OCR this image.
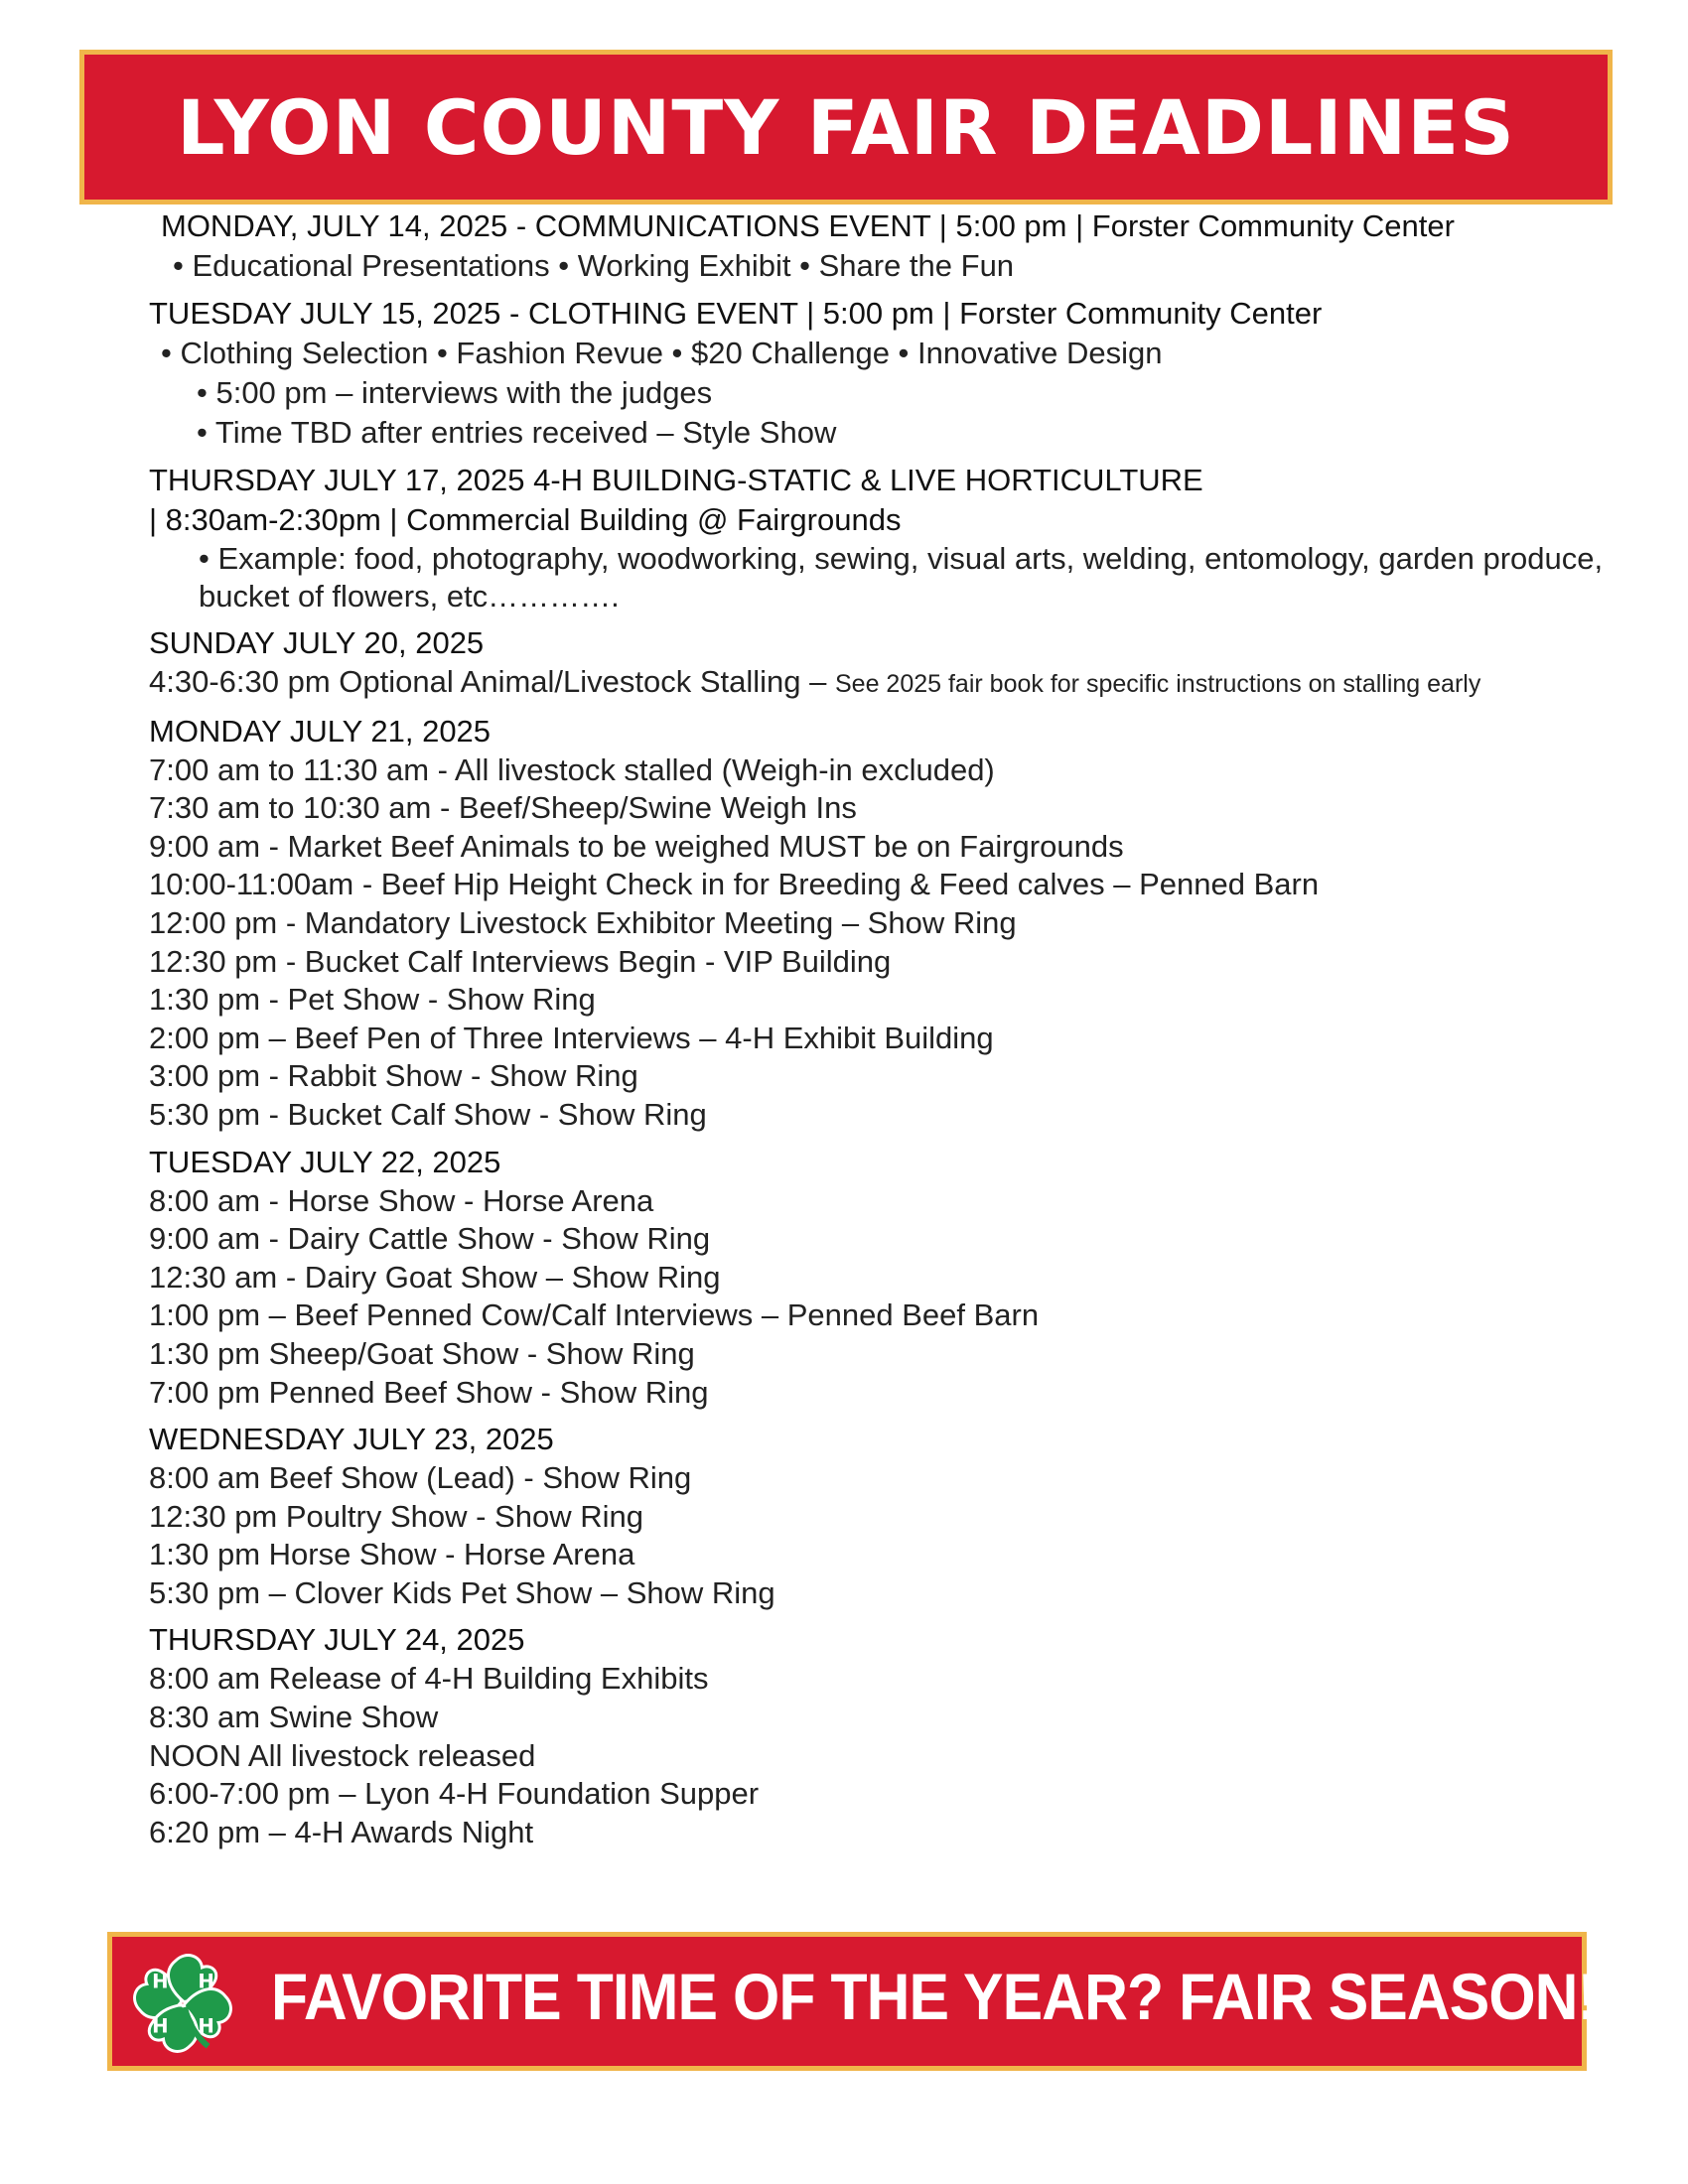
LYON COUNTY FAIR DEADLINES
MONDAY, JULY 14, 2025 - COMMUNICATIONS EVENT | 5:00 pm | Forster Community Center
• Educational Presentations • Working Exhibit • Share the Fun
TUESDAY JULY 15, 2025 - CLOTHING EVENT | 5:00 pm | Forster Community Center
• Clothing Selection • Fashion Revue • $20 Challenge • Innovative Design
• 5:00 pm – interviews with the judges
• Time TBD after entries received – Style Show
THURSDAY JULY 17, 2025 4-H BUILDING-STATIC & LIVE HORTICULTURE
| 8:30am-2:30pm | Commercial Building @ Fairgrounds
• Example: food, photography, woodworking, sewing, visual arts, welding, entomology, garden produce, bucket of flowers, etc………….
SUNDAY JULY 20, 2025
4:30-6:30 pm Optional Animal/Livestock Stalling – See 2025 fair book for specific instructions on stalling early
MONDAY JULY 21, 2025
7:00 am to 11:30 am - All livestock stalled (Weigh-in excluded)
7:30 am to 10:30 am - Beef/Sheep/Swine Weigh Ins
9:00 am - Market Beef Animals to be weighed MUST be on Fairgrounds
10:00-11:00am - Beef Hip Height Check in for Breeding & Feed calves – Penned Barn
12:00 pm - Mandatory Livestock Exhibitor Meeting – Show Ring
12:30 pm - Bucket Calf Interviews Begin - VIP Building
1:30 pm - Pet Show - Show Ring
2:00 pm – Beef Pen of Three Interviews – 4-H Exhibit Building
3:00 pm - Rabbit Show - Show Ring
5:30 pm - Bucket Calf Show - Show Ring
TUESDAY JULY 22, 2025
8:00 am - Horse Show - Horse Arena
9:00 am - Dairy Cattle Show - Show Ring
12:30 am - Dairy Goat Show – Show Ring
1:00 pm – Beef Penned Cow/Calf Interviews – Penned Beef Barn
1:30 pm Sheep/Goat Show - Show Ring
7:00 pm Penned Beef Show - Show Ring
WEDNESDAY JULY 23, 2025
8:00 am Beef Show (Lead) - Show Ring
12:30 pm Poultry Show - Show Ring
1:30 pm Horse Show - Horse Arena
5:30 pm – Clover Kids Pet Show – Show Ring
THURSDAY JULY 24, 2025
8:00 am Release of 4-H Building Exhibits
8:30 am Swine Show
NOON All livestock released
6:00-7:00 pm – Lyon 4-H Foundation Supper
6:20 pm – 4-H Awards Night
H H
H H FAVORITE TIME OF THE YEAR? FAIR SEASON!
